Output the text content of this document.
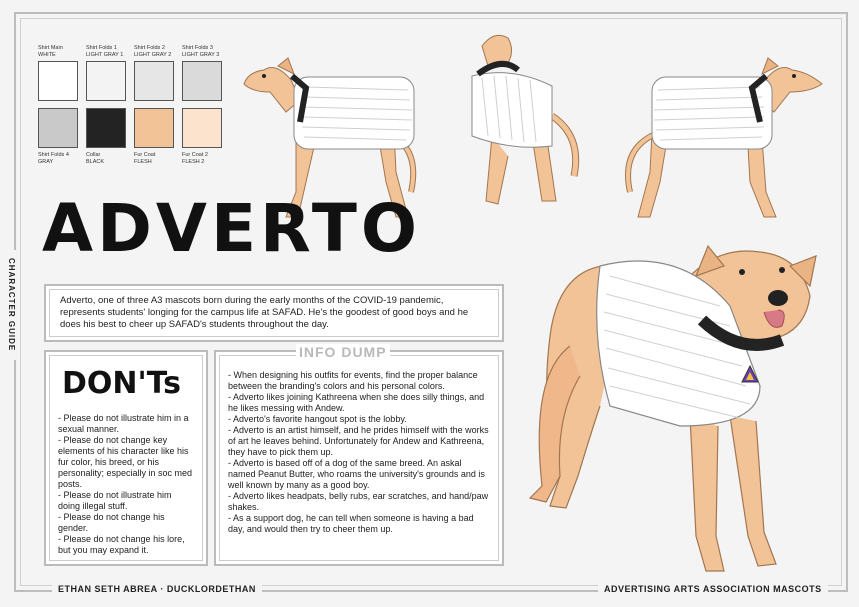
CHARACTER GUIDE
ETHAN SETH ABREA · DUCKLORDETHAN	ADVERTISING ARTS ASSOCIATION MASCOTS
Shirt Main
WHITE
Shirt Folds 1
LIGHT GRAY 1
Shirt Folds 2
LIGHT GRAY 2
Shirt Folds 3
LIGHT GRAY 3
Shirt Folds 4
GRAY
Collar
BLACK
Fur Coat
FLESH
Fur Coat 2
FLESH 2
ADVERTO
Adverto, one of three A3 mascots born during the early months of the COVID-19 pandemic, represents students' longing for the campus life at SAFAD. He's the goodest of good boys and he does his best to cheer up SAFAD's students throughout the day.
DON'Ts
- Please do not illustrate him in a sexual manner.
- Please do not change key elements of his character like his fur color, his breed, or his personality; especially in soc med posts.
- Please do not illustrate him doing illegal stuff.
- Please do not change his gender.
- Please do not change his lore, but you may expand it.
- When designing his outfits for events, find the proper balance between the branding's colors and his personal colors.
- Adverto likes joining Kathreena when she does silly things, and he likes messing with Andew.
- Adverto's favorite hangout spot is the lobby.
- Adverto is an artist himself, and he prides himself with the works of art he leaves behind. Unfortunately for Andew and Kathreena, they have to pick them up.
- Adverto is based off of a dog of the same breed. An askal named Peanut Butter, who roams the university's grounds and is well known by many as a good boy.
- Adverto likes headpats, belly rubs, ear scratches, and hand/paw shakes.
- As a support dog, he can tell when someone is having a bad day, and would then try to cheer them up.
INFO DUMP
